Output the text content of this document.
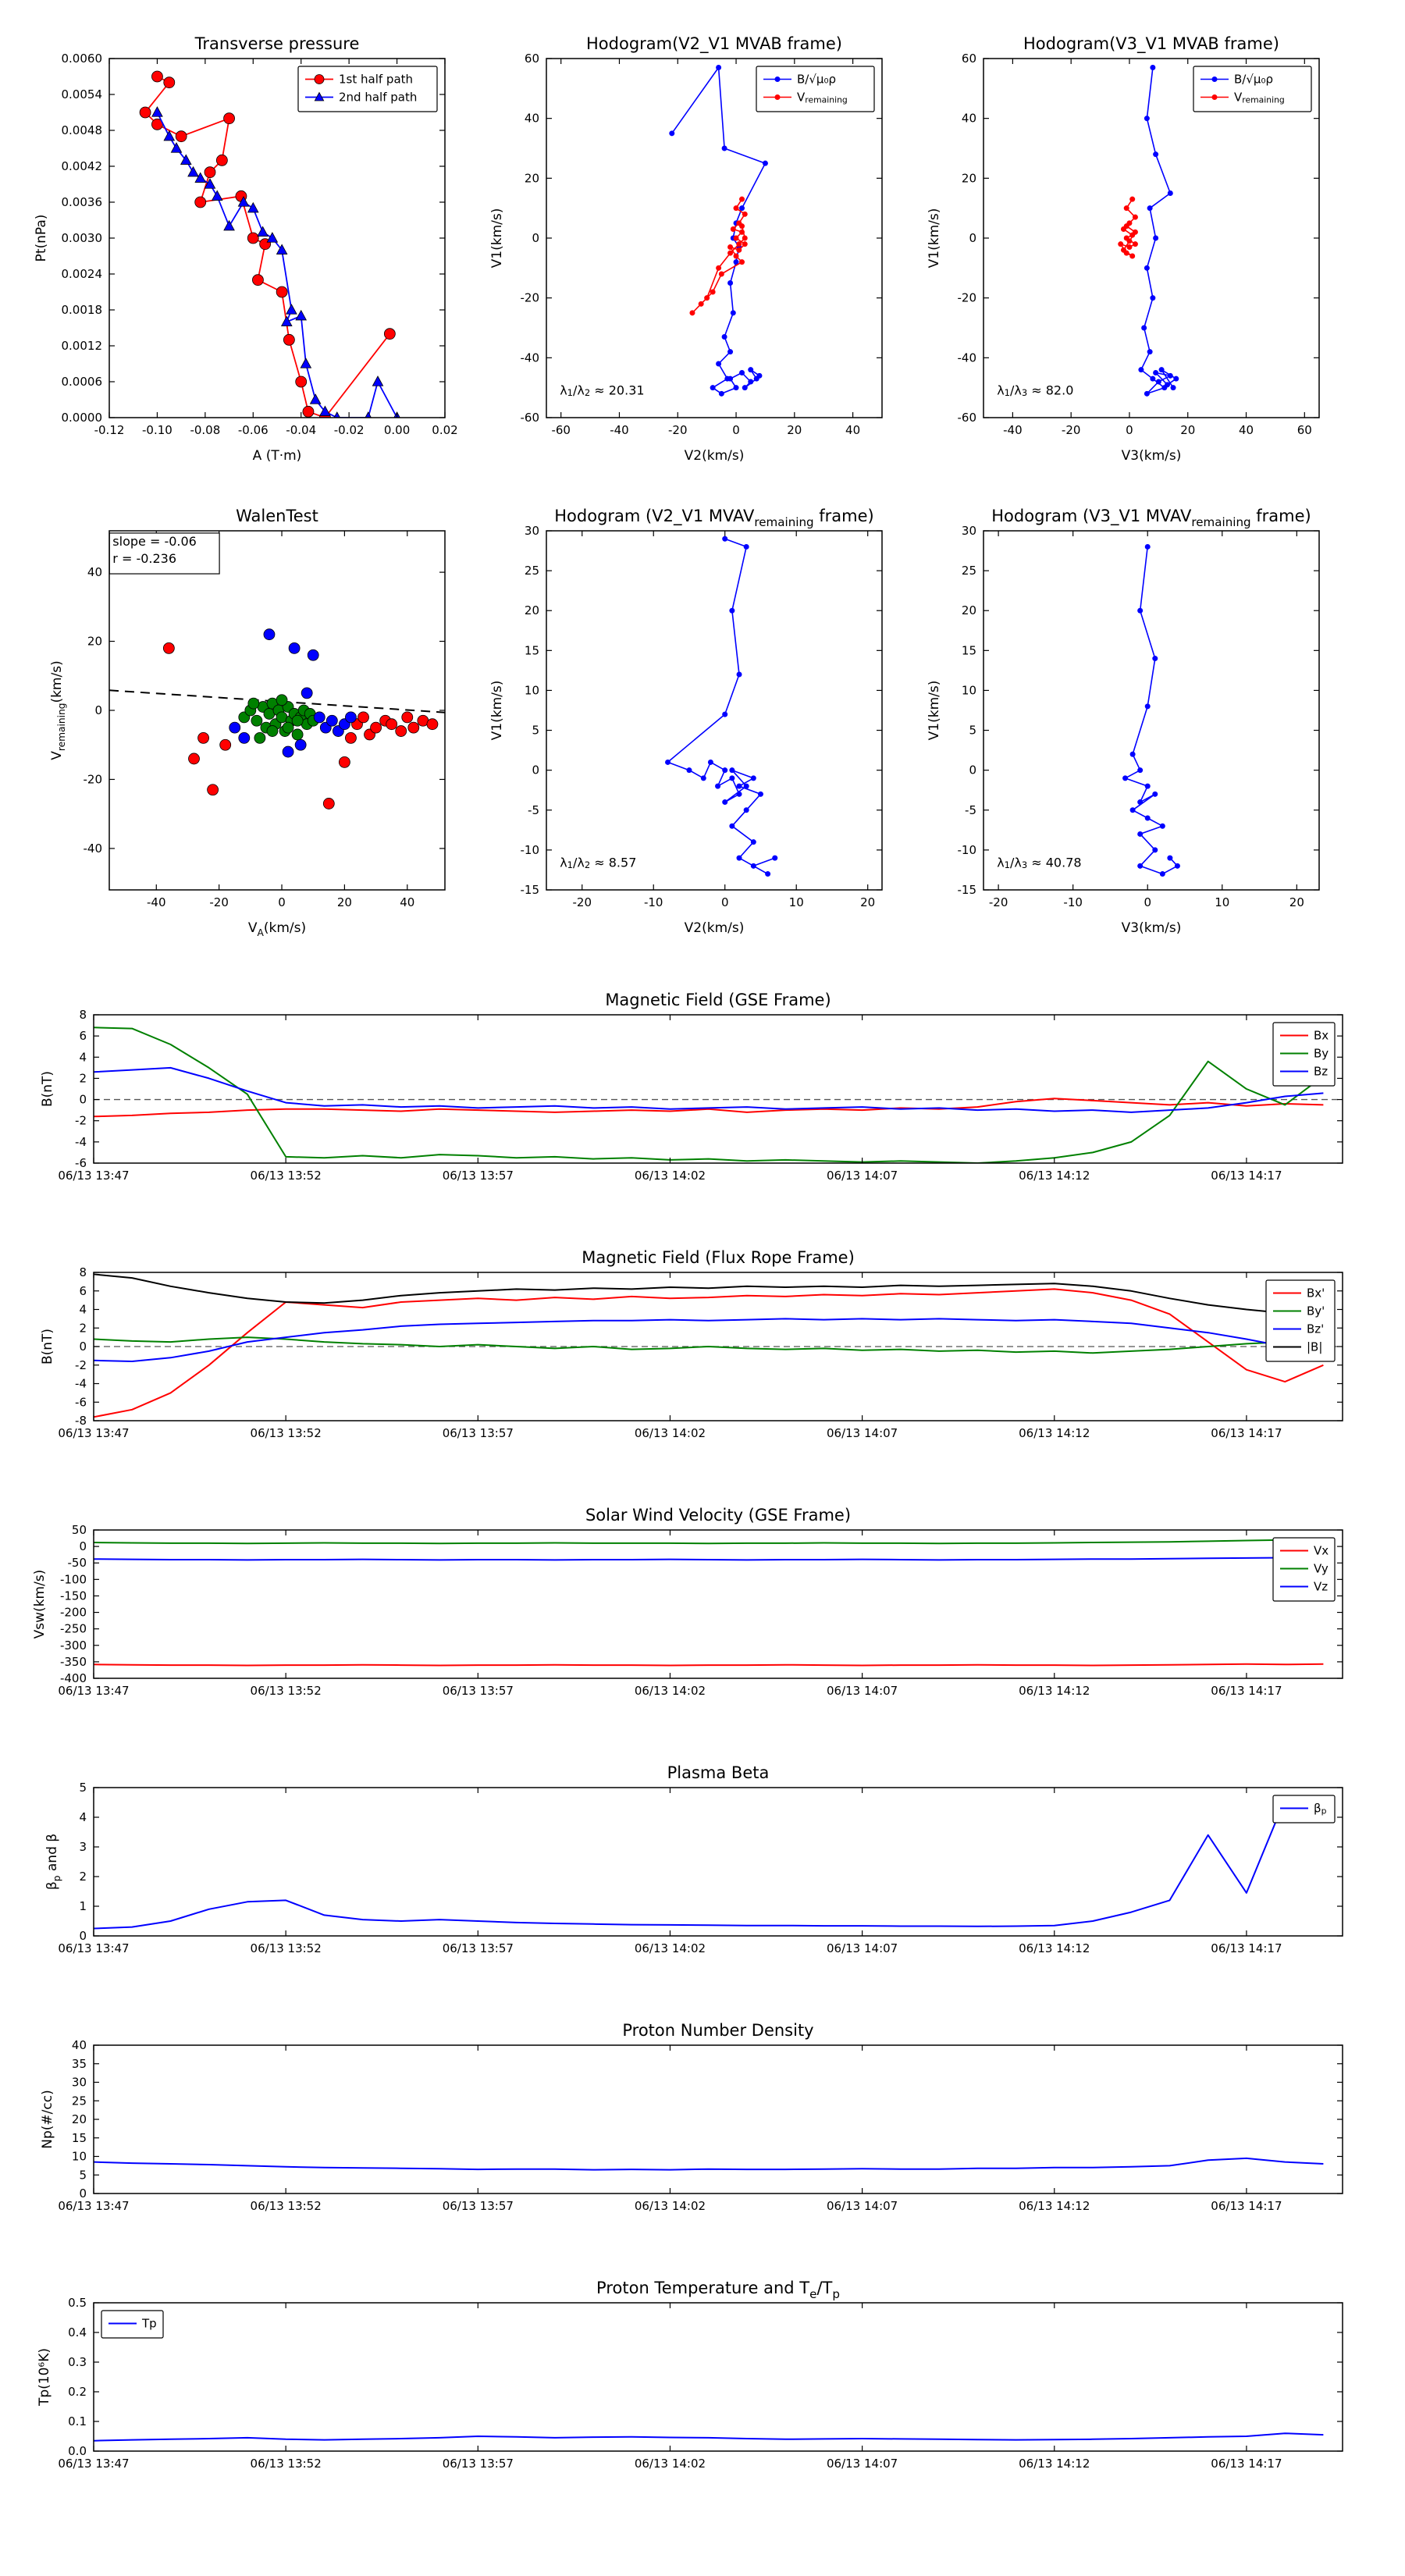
-0.12 -0.10 -0.08 -0.06 -0.04 -0.02 0.00 0.02
0.0000
0.0006
0.0012
0.0018
0.0024
0.0030
0.0036
0.0042
0.0048
0.0054
0.0060
Transverse pressure
A (T·m)
Pt(nPa)
1st half path
2nd half path
-60	-40	-20	0	20	40
-60
-40
-20
0
20
40
60
Hodogram(V2_V1 MVAB frame)
V2(km/s)
V1(km/s)
B/√μ₀ρ
$V_{remaining}$
$\lambda_1/\lambda_2 \approx 20.31$
-40	-20	0	20	40	60
-60
-40
-20
0
20
40
60
Hodogram(V3_V1 MVAB frame)
V3(km/s)
V1(km/s)
B/√μ₀ρ
$V_{remaining}$
$\lambda_1/\lambda_3 \approx 82.0$
-40	-20	0	20	40
-40
-20
0
20
40
WalenTest
$V_A(km/s)$
$V_{remaining}(km/s)$
slope = -0.06
r = -0.236
-20	-10	0	10	20
-15
-10
-5
0
5
10
15
20
25
30
Hodogram (V2_V1 $MVAV_{remaining}$ frame)
V2(km/s)
V1(km/s)
$\lambda_1/\lambda_2 \approx 8.57$
-20	-10	0	10	20
-15
-10
-5
0
5
10
15
20
25
30
Hodogram (V3_V1 $MVAV_{remaining}$ frame)
V3(km/s)
V1(km/s)
$\lambda_1/\lambda_3 \approx 40.78$
06/13 13:47	06/13 13:52	06/13 13:57	06/13 14:02	06/13 14:07	06/13 14:12	06/13 14:17
-6
-4
-2
0
2
4
6
8
Magnetic Field (GSE Frame)
B(nT)
Bx
By
Bz
06/13 13:47	06/13 13:52	06/13 13:57	06/13 14:02	06/13 14:07	06/13 14:12	06/13 14:17
-8
-6
-4
-2
0
2
4
6
8
Magnetic Field (Flux Rope Frame)
B(nT)
Bx'
By'
Bz'
|B|
06/13 13:47	06/13 13:52	06/13 13:57	06/13 14:02	06/13 14:07	06/13 14:12	06/13 14:17
50
0
-50
-100
-150
-200
-250
-300
-350
-400
Solar Wind Velocity (GSE Frame)
Vsw(km/s)
Vx
Vy
Vz
06/13 13:47	06/13 13:52	06/13 13:57	06/13 14:02	06/13 14:07	06/13 14:12	06/13 14:17
0
1
2
3
4
5
Plasma Beta
$\beta_p$ and β
$\beta_p$
06/13 13:47	06/13 13:52	06/13 13:57	06/13 14:02	06/13 14:07	06/13 14:12	06/13 14:17
0
5
10
15
20
25
30
35
40
Proton Number Density
Np(#/cc)
06/13 13:47	06/13 13:52	06/13 13:57	06/13 14:02	06/13 14:07	06/13 14:12	06/13 14:17
0.0
0.1
0.2
0.3
0.4
0.5
Proton Temperature and $T_e/T_p$
Tp(10⁶K)
Tp
